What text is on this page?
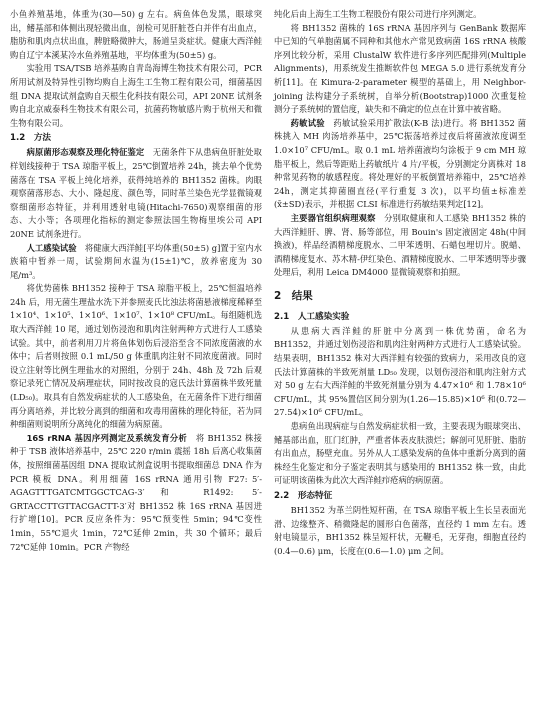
小鱼养殖基地，体重为(30—50) g 左右。病鱼体色发黑，眼球突出，鳍基部和体侧出现轻微出血，剖检可见肝脏苍白并伴有出血点，脂肪和肌肉点状出血，脾脏略微肿大，肠道呈炎症状。健康大西洋鲑购自辽宁本溪某冷水鱼养殖基地，平均体重为(50±5) g。

实验用 TSA/TSB 培养基购自青岛海博生物技术有限公司，PCR 所用试剂及特异性引物均购自上海生工生物工程有限公司，细菌基因组 DNA 提取试剂盒购自天根生化科技有限公司，API 20NE 试剂条购自北京威泰科生物技术有限公司，抗菌药物敏感片购于杭州天和微生物有限公司。

1.2　方法

病原菌形态观察及理化特征鉴定　无菌条件下从患病鱼肝脏处取样划线接种于 TSA 琼脂平板上，25℃倒置培养 24h，挑去单个优势菌落在 TSA 平板上纯化培养，获得纯培养的 BH1352 菌株。肉眼观察菌落形态、大小、隆起度、颜色等，同时革兰染色光学显微镜观察细菌形态特征，并利用透射电镜(Hitachi-7650)观察细菌的形态、大小等；各项理化指标的测定参照法国生物梅里埃公司 API 20NE 试剂条进行。

人工感染试验　将健康大西洋鲑[平均体重(50±5) g]置于室内水族箱中暂养一周，试验期间水温为(15±1)℃，放养密度为 30 尾/m³。

将优势菌株 BH1352 接种于 TSA 琼脂平板上，25℃恒温培养 24h 后，用无菌生理盐水洗下并参照麦氏比浊法将菌悬液梯度稀释至 1×10⁴、1×10⁵、1×10⁶、1×10⁷、1×10⁸ CFU/mL。每组随机选取大西洋鲑 10 尾，通过划伤浸泡和肌肉注射两种方式进行人工感染试验。其中，前者利用刀片将鱼体划伤后浸浴至含不同浓度菌液的水体中；后者则按照 0.1 mL/50 g 体重肌肉注射不同浓度菌液。同时设立注射等比例生理盐水的对照组，分别于 24h、48h 及 72h 后观察记录死亡情况及病理症状，同时按改良的寇氏法计算菌株半致死量(LD₅₀)。取具有自然发病症状的人工感染鱼，在无菌条件下进行细菌再分离培养，并比较分离到的细菌和攻毒用菌株的理化特征，若为同种细菌则说明所分离纯化的细菌为病原菌。

16S rRNA 基因序列测定及系统发育分析　将 BH1352 株接种于 TSB 液体培养基中，25℃ 220 r/min 震摇 18h 后离心收集菌体，按照细菌基因组 DNA 提取试剂盒说明书提取细菌总 DNA 作为 PCR 模板 DNA。利用细菌 16S rRNA 通用引物 F27: 5′-AGAGTTTGATCMTGGCTCAG-3′和 R1492: 5′- GRTACCTTGTTACGACTT-3′对 BH1352 株 16S rRNA 基因进行扩增[10]。PCR 反应条件为：95℃预变性 5min；94℃变性 1min，55℃退火 1min，72℃延伸 2min，共 30 个循环；最后 72℃延伸 10min。PCR 产物经

纯化后由上海生工生物工程股份有限公司进行序列测定。

将 BH1352 菌株的 16S rRNA 基因序列与 GenBank 数据库中已知的气单胞菌属不同种和其他水产常见致病菌 16S rRNA 核酸序列比较分析，采用 ClustalW 软件进行多序列匹配排列(Multiple Alignments)，用系统发生推断软件包 MEGA 5.0 进行系统发育分析[11]。在 Kimura-2-parameter 模型的基础上，用 Neighbor-joining 法构建分子系统树，自举分析(Bootstrap)1000 次重复检测分子系统树的置信度，缺失和不确定的位点在计算中被省略。

药敏试验　药敏试验采用扩散法(K-B 法)进行。将 BH1352 菌株挑入 MH 肉汤培养基中，25℃振荡培养过夜后将菌液浓度调至 1.0×10⁷ CFU/mL。取 0.1 mL 培养菌液均匀涂板于 9 cm MH 琼脂平板上，然后等距贴上药敏纸片 4 片/平板，分别测定分离株对 18 种常见药物的敏感程度。将处理好的平板倒置培养箱中，25℃培养 24h，测定其抑菌圈直径(平行重复 3 次)，以平均值±标准差(x̄±SD)表示，并根据 CLSI 标准进行药敏结果判定[12]。

主要器官组织病理观察　分别取健康和人工感染 BH1352 株的大西洋鲑肝、脾、肾、肠等部位，用 Bouin's 固定液固定 48h(中间换液)，样品经酒精梯度脱水、二甲苯透明、石蜡包埋切片。脱蜡、酒精梯度复水、苏木精-伊红染色、酒精梯度脱水、二甲苯透明等步骤处理后，利用 Leica DM4000 显微镜观察和拍照。

2　结果
2.1　人工感染实验

从患病大西洋鲑的肝脏中分离到一株优势菌，命名为 BH1352，并通过划伤浸浴和肌肉注射两种方式进行人工感染试验。结果表明，BH1352 株对大西洋鲑有较强的致病力，采用改良的寇氏法计算菌株的半致死剂量 LD₅₀ 发现，以划伤浸浴和肌肉注射方式对 50 g 左右大西洋鲑的半致死剂量分别为 4.47×10⁶ 和 1.78×10⁶ CFU/mL，其 95%置信区间分别为(1.26—15.85)×10⁶ 和(0.72—27.54)×10⁶ CFU/mL。

患病鱼出现病症与自然发病症状相一致，主要表现为眼球突出、鳍基部出血，肛门红肿，严重者体表皮肤溃烂；解剖可见肝脏、脂肪有出血点，肠壁充血。另外从人工感染发病的鱼体中重新分离到的菌株经生化鉴定和分子鉴定表明其与感染用的 BH1352 株一致，由此可证明该菌株为此次大西洋鲑疖疮病的病原菌。

2.2　形态特征

BH1352 为革兰阴性短杆菌，在 TSA 琼脂平板上生长呈表面光滑、边缘整齐、稍微隆起的圆形白色菌落，直径约 1 mm 左右。透射电镜显示，BH1352 株呈短杆状，无鞭毛，无芽孢，细胞直径约(0.4—0.6) μm，长度在(0.6—1.0) μm 之间。
